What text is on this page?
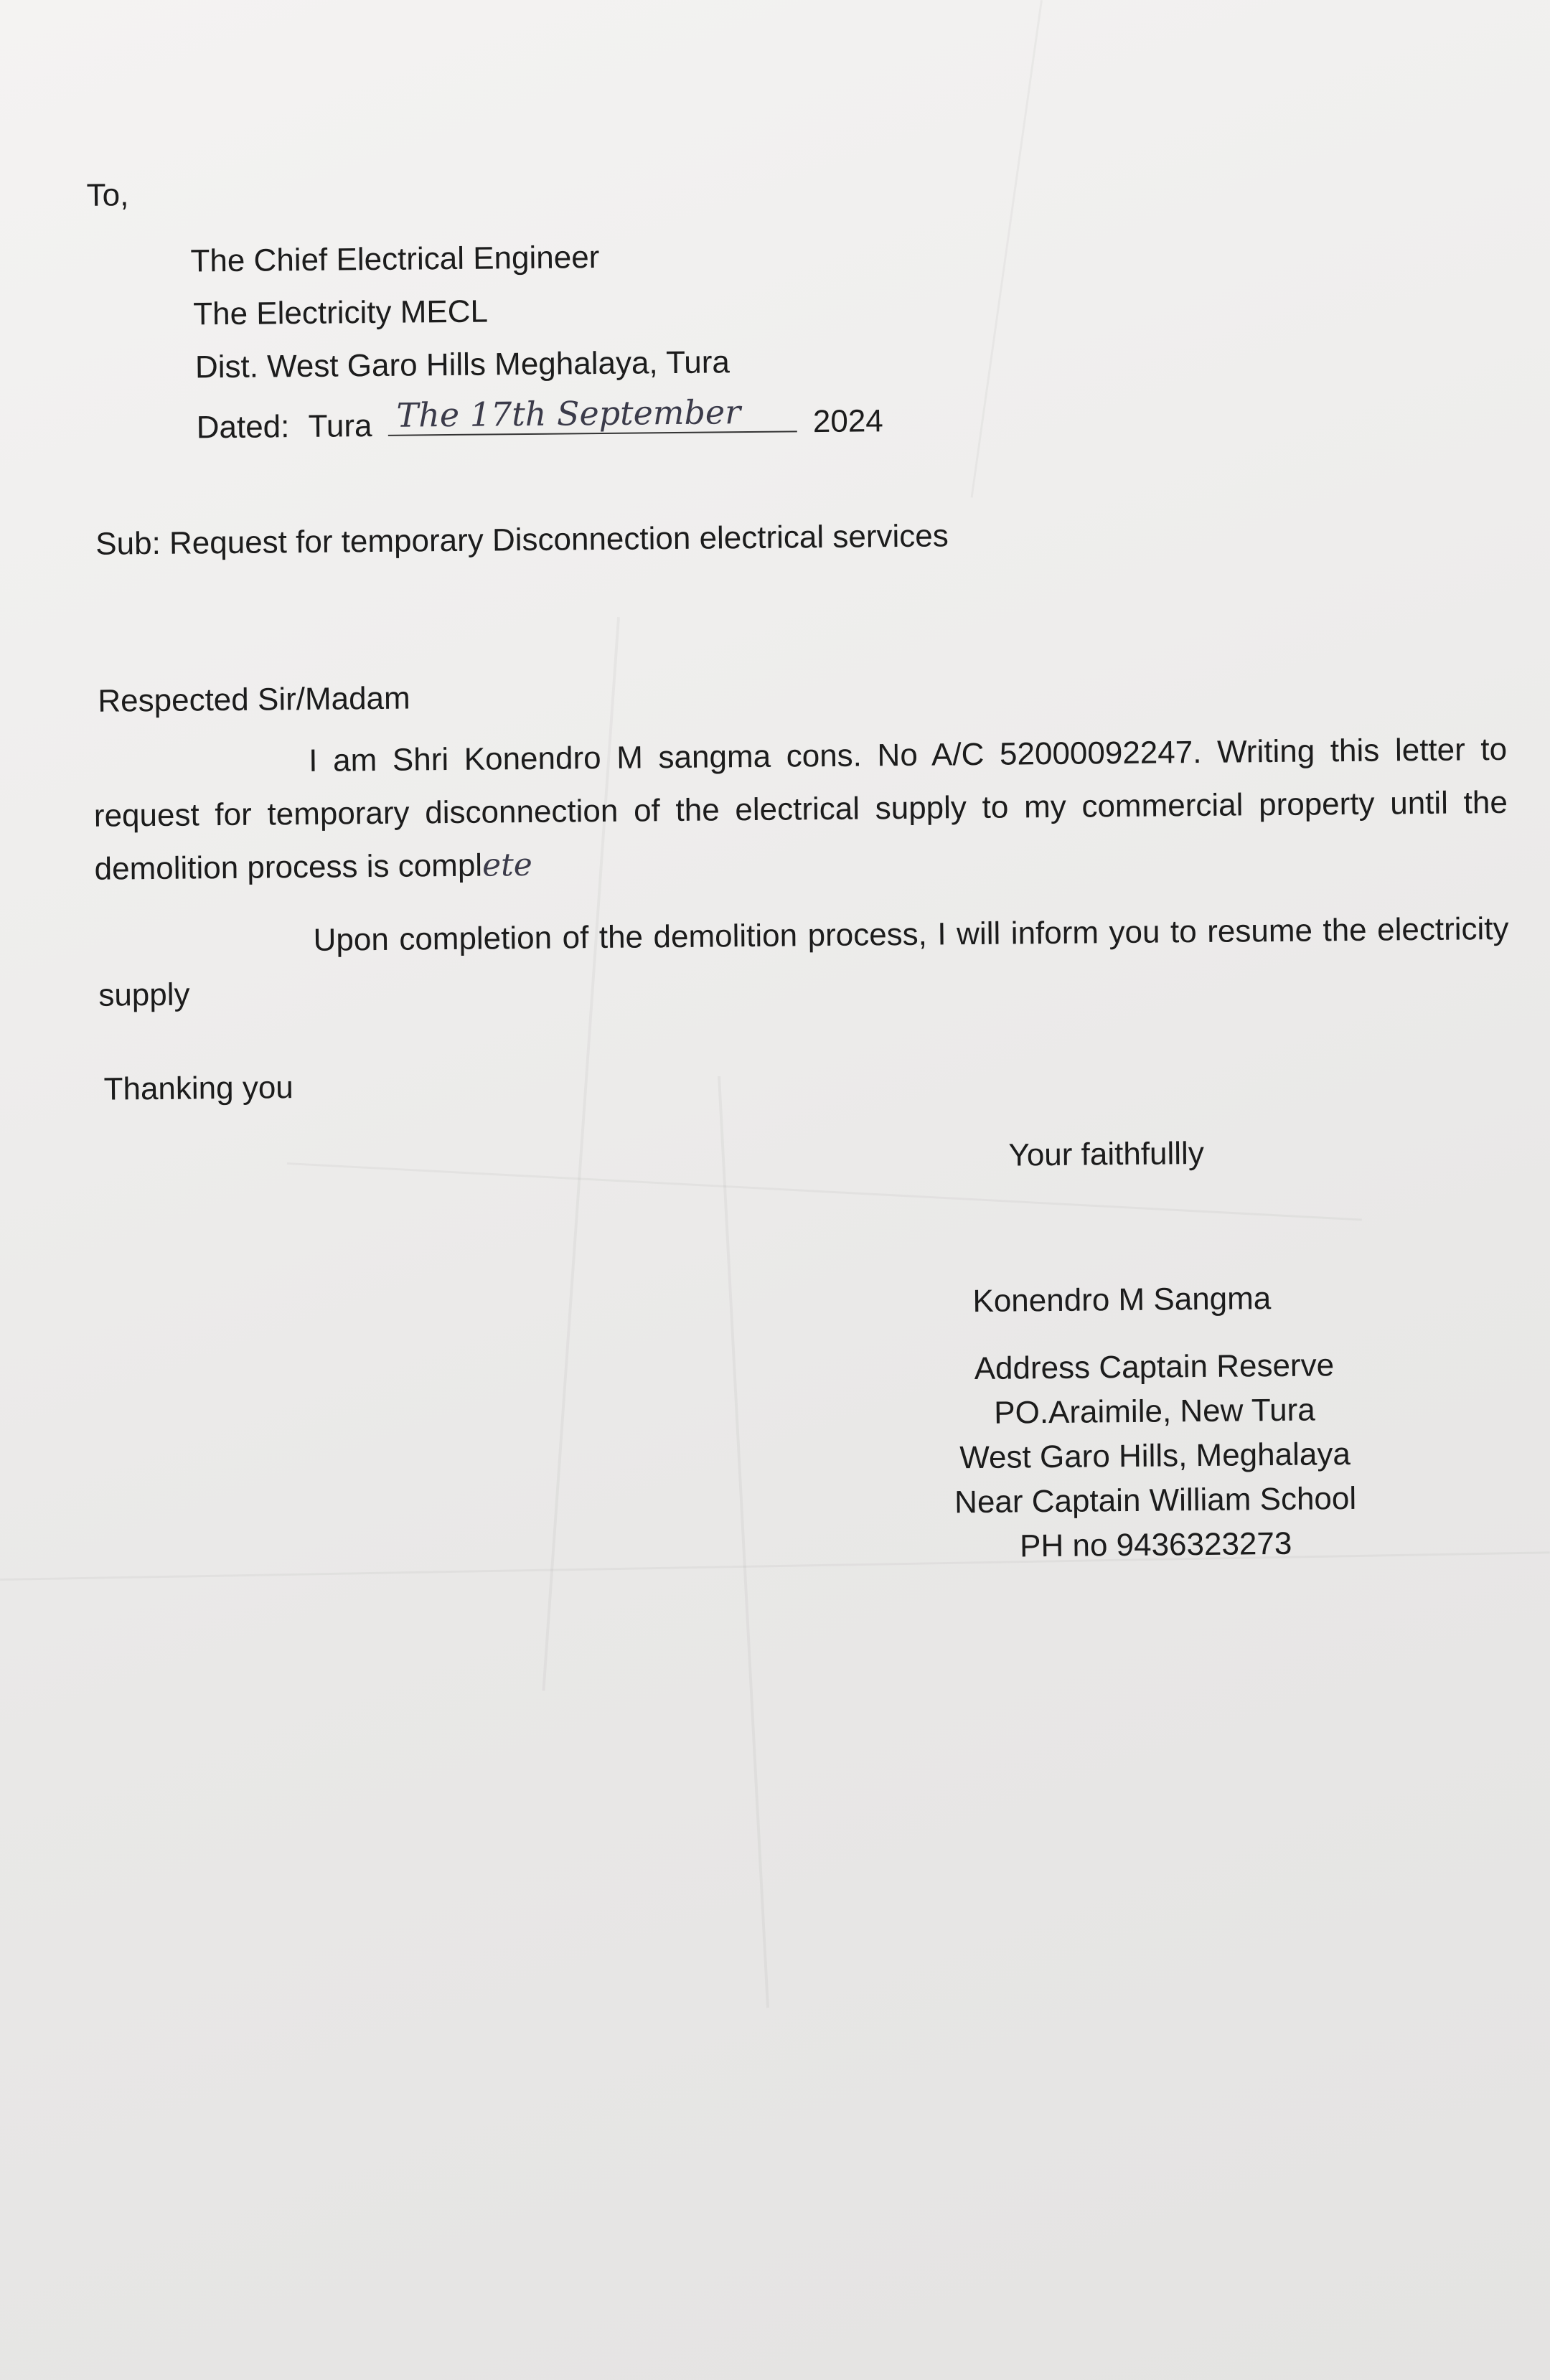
To,
The Chief Electrical Engineer
The Electricity MECL
Dist. West Garo Hills Meghalaya, Tura
Dated: Tura The 17th September 2024
Sub: Request for temporary Disconnection electrical services
Respected Sir/Madam
I am Shri Konendro M sangma cons. No A/C 52000092247. Writing this letter to request for temporary disconnection of the electrical supply to my commercial property until the demolition process is complete
Upon completion of the demolition process, I will inform you to resume the electricity supply
Thanking you
Your faithfullly
Konendro M Sangma
Address Captain Reserve
PO.Araimile, New Tura
West Garo Hills, Meghalaya
Near Captain William School
PH no 9436323273
